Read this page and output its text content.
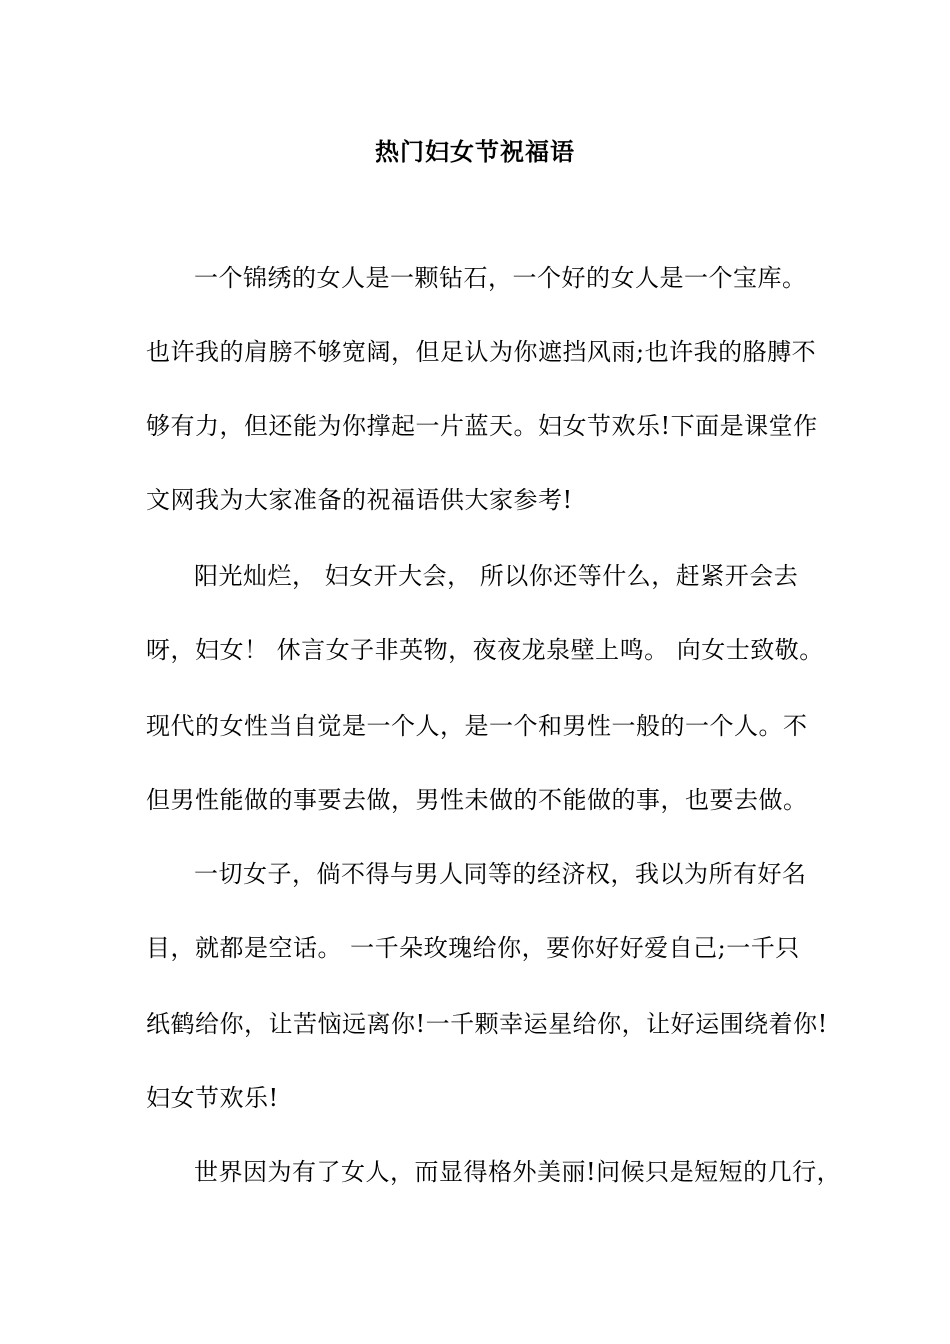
热门妇女节祝福语
一个锦绣的女人是一颗钻石，一个好的女人是一个宝库。
也许我的肩膀不够宽阔，但足认为你遮挡风雨;也许我的胳膊不
够有力，但还能为你撑起一片蓝天。妇女节欢乐!下面是课堂作
文网我为大家准备的祝福语供大家参考!
阳光灿烂， 妇女开大会， 所以你还等什么，赶紧开会去
呀，妇女！ 休言女子非英物，夜夜龙泉壁上鸣。 向女士致敬。
现代的女性当自觉是一个人，是一个和男性一般的一个人。不
但男性能做的事要去做，男性未做的不能做的事，也要去做。
一切女子，倘不得与男人同等的经济权，我以为所有好名
目，就都是空话。 一千朵玫瑰给你，要你好好爱自己;一千只
纸鹤给你，让苦恼远离你!一千颗幸运星给你，让好运围绕着你!
妇女节欢乐!
世界因为有了女人，而显得格外美丽!问候只是短短的几行，
